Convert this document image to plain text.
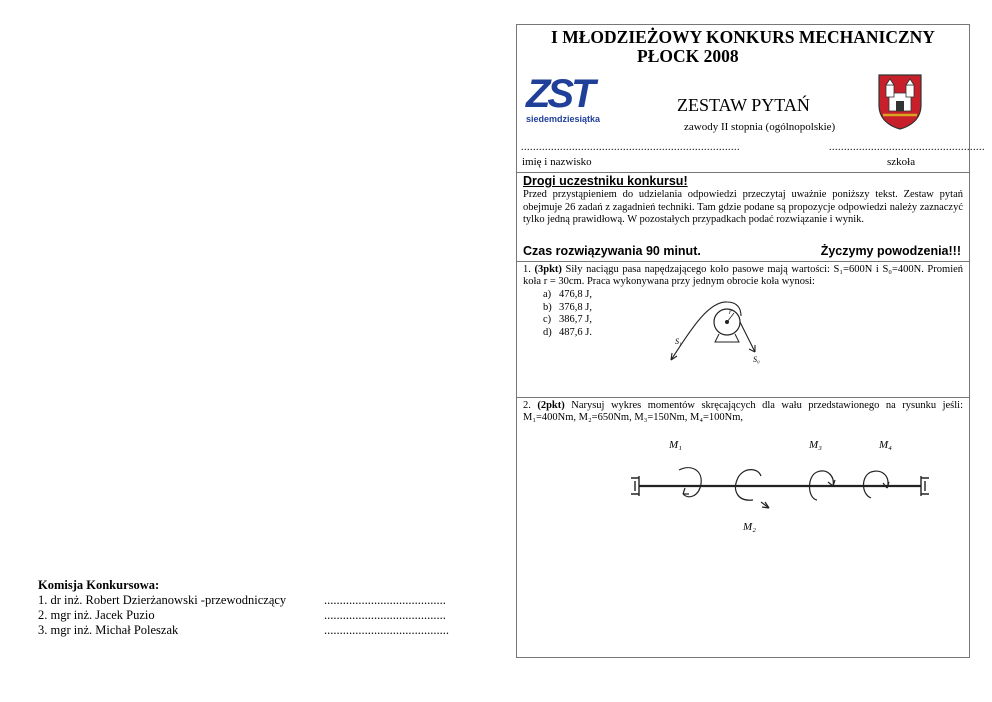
Komisja Konkursowa:
1. dr inż. Robert Dzierżanowski -przewodniczący	.......................................
2. mgr inż. Jacek Puzio	.......................................
3. mgr inż. Michał Poleszak	........................................
I MŁODZIEŻOWY KONKURS MECHANICZNY
PŁOCK 2008
ZST
siedemdziesiątka
ZESTAW PYTAŃ
zawody II stopnia (ogólnopolskie)
.........................................................................	....................................................
imię i nazwisko	szkoła
Drogi uczestniku konkursu!
Przed przystąpieniem do udzielania odpowiedzi przeczytaj uważnie poniższy tekst. Zestaw pytań obejmuje 26 zadań z zagadnień techniki. Tam gdzie podane są propozycje odpowiedzi należy zaznaczyć tylko jedną prawidłową. W pozostałych przypadkach podać rozwiązanie i wynik.
Czas rozwiązywania 90 minut.	Życzymy powodzenia!!!
1. (3pkt) Siły naciągu pasa napędzającego koło pasowe mają wartości: S₁=600N i S₀=400N. Promień koła r = 30cm. Praca wykonywana przy jednym obrocie koła wynosi:
a) 476,8 J,
b) 376,8 J,
c) 386,7 J,
d) 487,6 J.
S₁
S₀
r
2. (2pkt) Narysuj wykres momentów skręcających dla wału przedstawionego na rysunku jeśli: M₁=400Nm, M₂=650Nm, M₃=150Nm, M₄=100Nm,
M₁
M₂
M₃	M₄
